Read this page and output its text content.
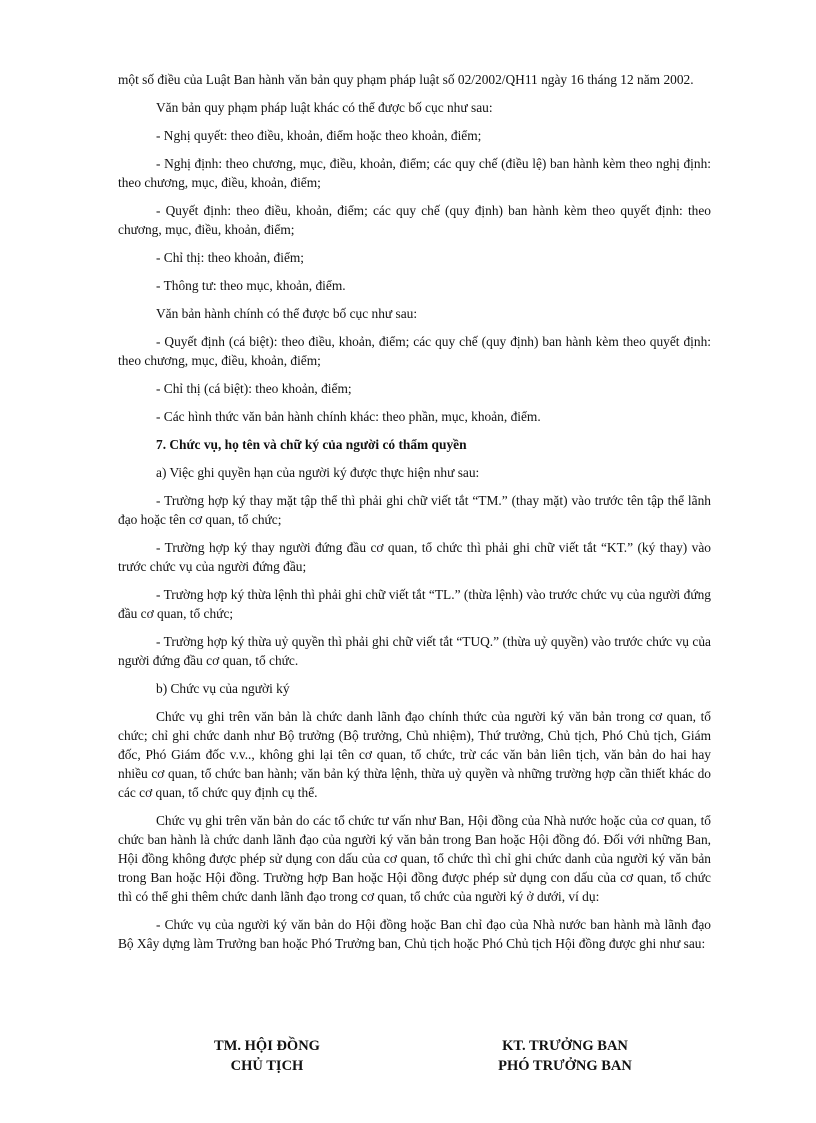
một số điều của Luật Ban hành văn bản quy phạm pháp luật số 02/2002/QH11 ngày 16 tháng 12 năm 2002.

Văn bản quy phạm pháp luật khác có thể được bố cục như sau:

- Nghị quyết: theo điều, khoản, điểm hoặc theo khoản, điểm;

- Nghị định: theo chương, mục, điều, khoản, điểm; các quy chế (điều lệ) ban hành kèm theo nghị định: theo chương, mục, điều, khoản, điểm;

- Quyết định: theo điều, khoản, điểm; các quy chế (quy định) ban hành kèm theo quyết định: theo chương, mục, điều, khoản, điểm;

- Chỉ thị: theo khoản, điểm;

- Thông tư: theo mục, khoản, điểm.

Văn bản hành chính có thể được bố cục như sau:

- Quyết định (cá biệt): theo điều, khoản, điểm; các quy chế (quy định) ban hành kèm theo quyết định: theo chương, mục, điều, khoản, điểm;

- Chỉ thị (cá biệt): theo khoản, điểm;

- Các hình thức văn bản hành chính khác: theo phần, mục, khoản, điểm.

7. Chức vụ, họ tên và chữ ký của người có thẩm quyền

a) Việc ghi quyền hạn của người ký được thực hiện như sau:

- Trường hợp ký thay mặt tập thể thì phải ghi chữ viết tắt “TM.” (thay mặt) vào trước tên tập thể lãnh đạo hoặc tên cơ quan, tổ chức;

- Trường hợp ký thay người đứng đầu cơ quan, tổ chức thì phải ghi chữ viết tắt “KT.” (ký thay) vào trước chức vụ của người đứng đầu;

- Trường hợp ký thừa lệnh thì phải ghi chữ viết tắt “TL.” (thừa lệnh) vào trước chức vụ của người đứng đầu cơ quan, tổ chức;

- Trường hợp ký thừa uỷ quyền thì phải ghi chữ viết tắt “TUQ.” (thừa uỷ quyền) vào trước chức vụ của người đứng đầu cơ quan, tổ chức.

b) Chức vụ của người ký

Chức vụ ghi trên văn bản là chức danh lãnh đạo chính thức của người ký văn bản trong cơ quan, tổ chức; chỉ ghi chức danh như Bộ trưởng (Bộ trưởng, Chủ nhiệm), Thứ trưởng, Chủ tịch, Phó Chủ tịch, Giám đốc, Phó Giám đốc v.v.., không ghi lại tên cơ quan, tổ chức, trừ các văn bản liên tịch, văn bản do hai hay nhiều cơ quan, tổ chức ban hành; văn bản ký thừa lệnh, thừa uỷ quyền và những trường hợp cần thiết khác do các cơ quan, tổ chức quy định cụ thể.

Chức vụ ghi trên văn bản do các tổ chức tư vấn như Ban, Hội đồng của Nhà nước hoặc của cơ quan, tổ chức ban hành là chức danh lãnh đạo của người ký văn bản trong Ban hoặc Hội đồng đó. Đối với những Ban, Hội đồng không được phép sử dụng con dấu của cơ quan, tổ chức thì chỉ ghi chức danh của người ký văn bản trong Ban hoặc Hội đồng. Trường hợp Ban hoặc Hội đồng được phép sử dụng con dấu của cơ quan, tổ chức thì có thể ghi thêm chức danh lãnh đạo trong cơ quan, tổ chức của người ký ở dưới, ví dụ:

- Chức vụ của người ký văn bản do Hội đồng hoặc Ban chỉ đạo của Nhà nước ban hành mà lãnh đạo Bộ Xây dựng làm Trưởng ban hoặc Phó Trưởng ban, Chủ tịch hoặc Phó Chủ tịch Hội đồng được ghi như sau:

TM. HỘI ĐỒNG
CHỦ TỊCH
KT. TRƯỞNG BAN
PHÓ TRƯỞNG BAN
